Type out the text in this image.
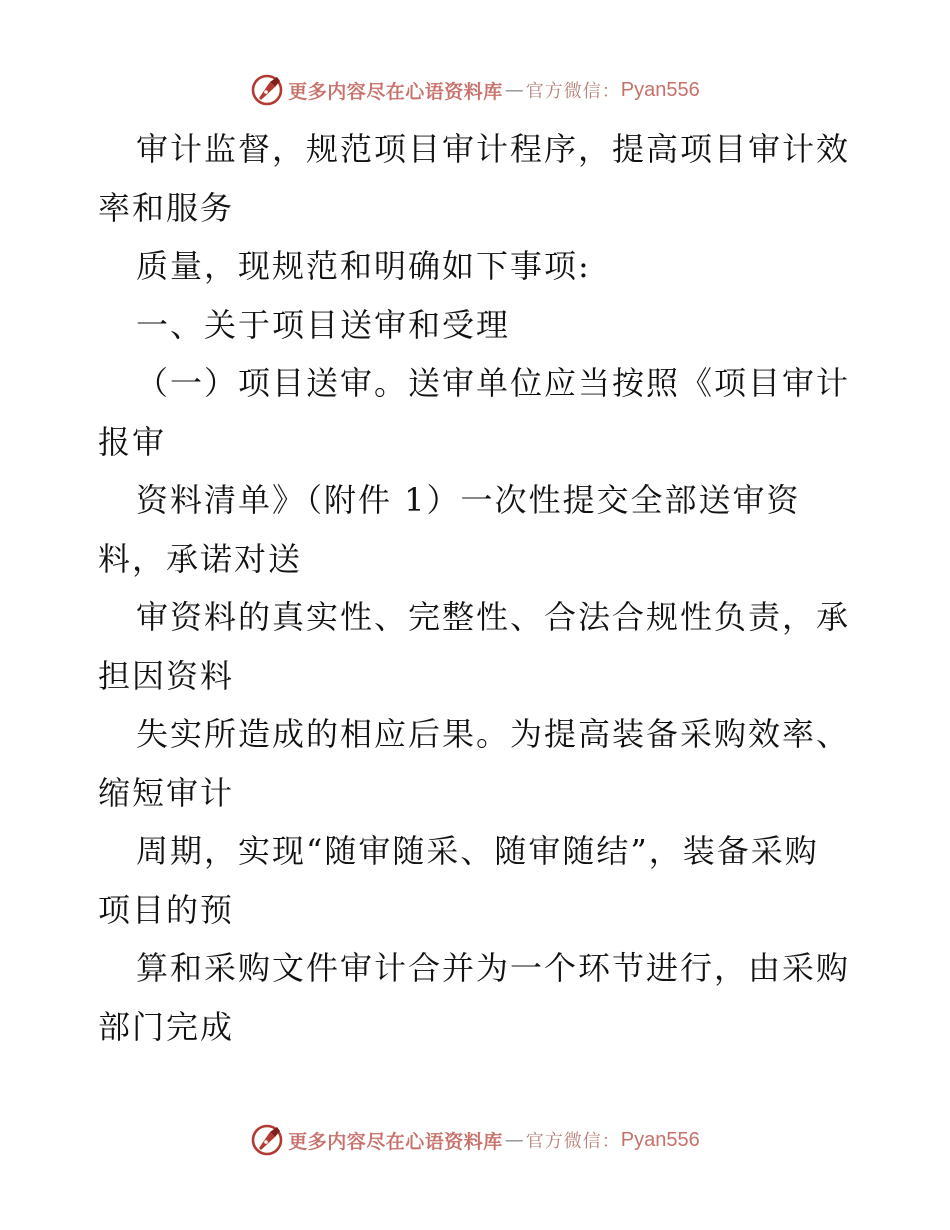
更多内容尽在心语资料库 — 官方微信： Pyan556
审计监督，规范项目审计程序，提高项目审计效
率和服务
质量，现规范和明确如下事项:
一、关于项目送审和受理
（一）项目送审。送审单位应当按照《项目审计
报审
资料清单》（附件 1）一次性提交全部送审资
料，承诺对送
审资料的真实性、完整性、合法合规性负责，承
担因资料
失实所造成的相应后果。为提高装备采购效率、
缩短审计
周期，实现“随审随采、随审随结”，装备采购
项目的预
算和采购文件审计合并为一个环节进行，由采购
部门完成
更多内容尽在心语资料库 — 官方微信： Pyan556
